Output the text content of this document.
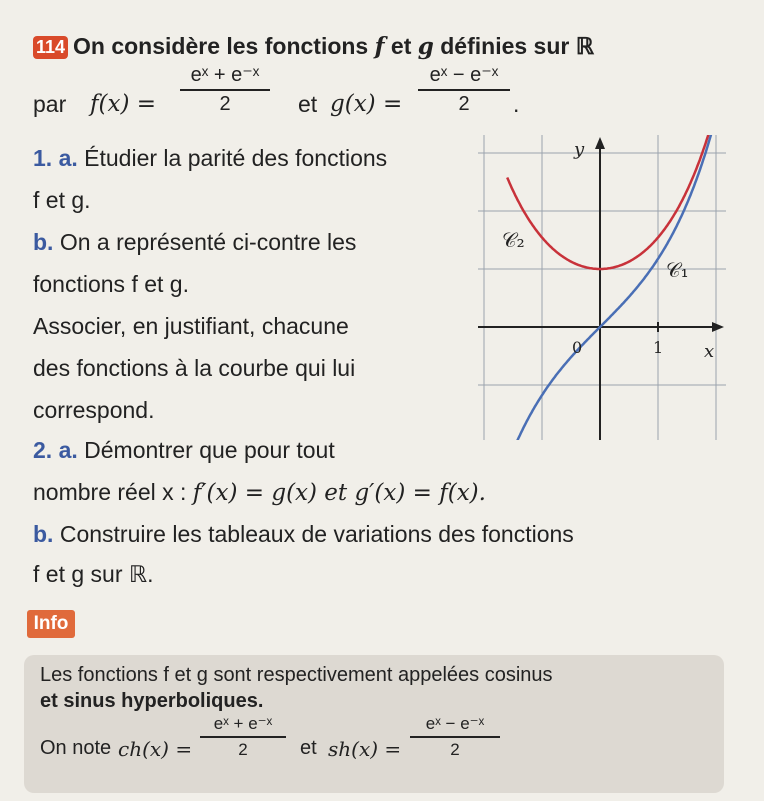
114 On considère les fonctions f et g définies sur ℝ
par f(x) =
eˣ + e⁻ˣ
2	et g(x) =
eˣ − e⁻ˣ
2	.
1. a. Étudier la parité des fonctions
f et g.
b. On a représenté ci-contre les
fonctions f et g.
Associer, en justifiant, chacune
des fonctions à la courbe qui lui
correspond.
2. a. Démontrer que pour tout
nombre réel x : f′(x) = g(x) et g′(x) = f(x).
b. Construire les tableaux de variations des fonctions
f et g sur ℝ.
Info
Les fonctions f et g sont respectivement appelées cosinus
et sinus hyperboliques.
On note ch(x) =
eˣ + e⁻ˣ
2	et sh(x) =
eˣ − e⁻ˣ
2
y
x
0	1
𝒞₁
𝒞₂
